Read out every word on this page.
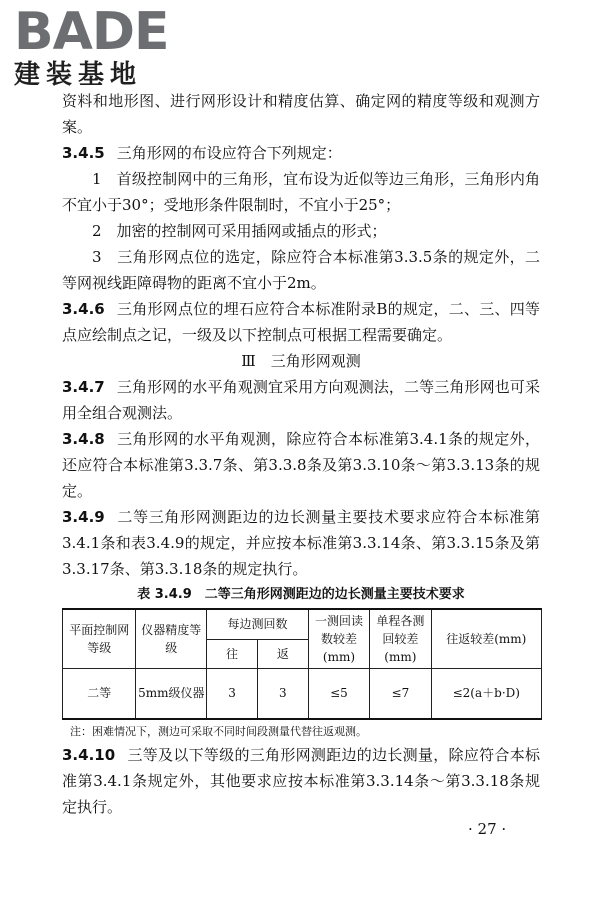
BADE
建装基地

资料和地形图、进行网形设计和精度估算、确定网的精度等级和观测方案。

3.4.5 三角形网的布设应符合下列规定：

1　首级控制网中的三角形，宜布设为近似等边三角形，三角形内角不宜小于30°；受地形条件限制时，不宜小于25°；

2　加密的控制网可采用插网或插点的形式；

3　三角形网点位的选定，除应符合本标准第3.3.5条的规定外，二等网视线距障碍物的距离不宜小于2m。

3.4.6 三角形网点位的埋石应符合本标准附录B的规定，二、三、四等点应绘制点之记，一级及以下控制点可根据工程需要确定。

Ⅲ　三角形网观测

3.4.7 三角形网的水平角观测宜采用方向观测法，二等三角形网也可采用全组合观测法。

3.4.8 三角形网的水平角观测，除应符合本标准第3.4.1条的规定外，还应符合本标准第3.3.7条、第3.3.8条及第3.3.10条～第3.3.13条的规定。

3.4.9 二等三角形网测距边的边长测量主要技术要求应符合本标准第3.4.1条和表3.4.9的规定，并应按本标准第3.3.14条、第3.3.15条及第3.3.17条、第3.3.18条的规定执行。

表 3.4.9　二等三角形网测距边的边长测量主要技术要求
平面控制网等级	仪器精度等级	每边测回数		一测回读数较差(mm)	单程各测回较差(mm)	往返较差(mm)
		往	返			
二等	5mm级仪器	3	3	≤5	≤7	≤2(a＋b·D)
注：困难情况下，测边可采取不同时间段测量代替往返观测。

3.4.10 三等及以下等级的三角形网测距边的边长测量，除应符合本标准第3.4.1条规定外，其他要求应按本标准第3.3.14条～第3.3.18条规定执行。

· 27 ·
